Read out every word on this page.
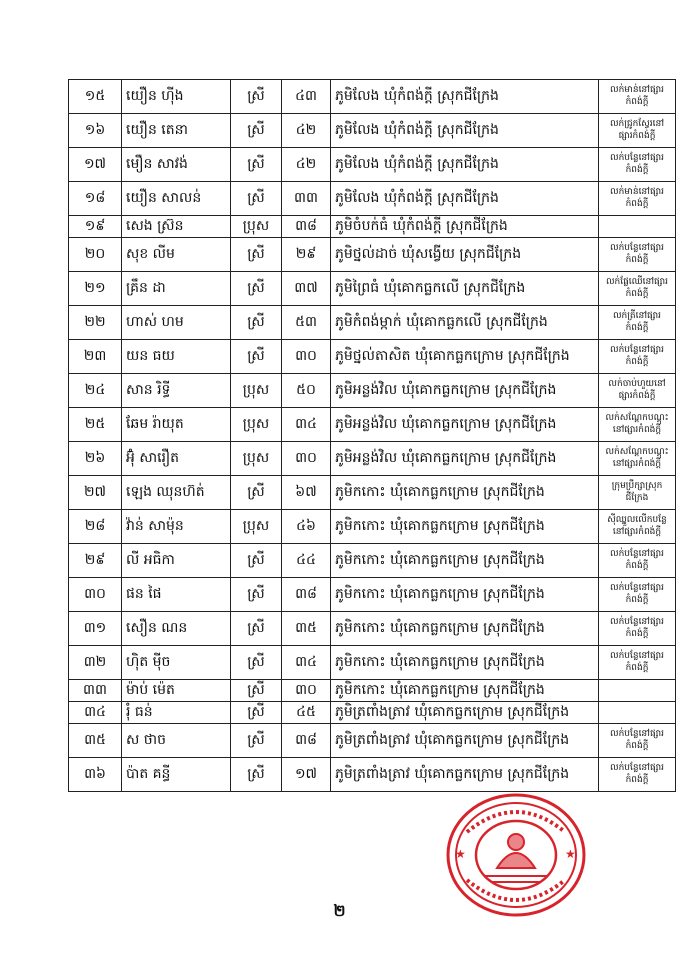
១៥	យឿន ហ៊ីង	ស្រី	៤៣	ភូមិលែង ឃុំកំពង់ក្តី ស្រុកជីក្រែង	លក់មាន់នៅផ្សារកំពង់ក្តី
១៦	យឿន តេនា	ស្រី	៤២	ភូមិលែង ឃុំកំពង់ក្តី ស្រុកជីក្រែង	លក់ជ្រូកស្វែរនៅផ្សារកំពង់ក្តី
១៧	មឿន សាវង់	ស្រី	៤២	ភូមិលែង ឃុំកំពង់ក្តី ស្រុកជីក្រែង	លក់បន្លែនៅផ្សារកំពង់ក្តី
១៨	យឿន សាលន់	ស្រី	៣៣	ភូមិលែង ឃុំកំពង់ក្តី ស្រុកជីក្រែង	លក់មាន់នៅផ្សារកំពង់ក្តី
១៩	សេង ស្រ៊ន	ប្រុស	៣៨	ភូមិចំបក់ធំ ឃុំកំពង់ក្តី ស្រុកជីក្រែង	
២០	សុខ លីម	ស្រី	២៩	ភូមិថ្នល់ដាច់ ឃុំសង្វើយ ស្រុកជីក្រែង	លក់បន្លែនៅផ្សារកំពង់ក្តី
២១	គ្រឹន ដា	ស្រី	៣៧	ភូមិព្រៃធំ ឃុំគោកធ្លកលើ ស្រុកជីក្រែង	លក់ផ្លែឈើនៅផ្សារកំពង់ក្តី
២២	ហាស់ ហម	ស្រី	៥៣	ភូមិកំពង់ម្កាក់ ឃុំគោកធ្លកលើ ស្រុកជីក្រែង	លក់ត្រីនៅផ្សារកំពង់ក្តី
២៣	យន ធយ	ស្រី	៣០	ភូមិថ្នល់តាសិត ឃុំគោកធ្លកក្រោម ស្រុកជីក្រែង	លក់បន្លែនៅផ្សារកំពង់ក្តី
២៤	សាន រិទ្ធី	ប្រុស	៥០	ភូមិអន្លង់វិល ឃុំគោកធ្លកក្រោម ស្រុកជីក្រែង	លក់ចាប់ហួយនៅផ្សារកំពង់ក្តី
២៥	ឆែម រ៉ាយុត	ប្រុស	៣៤	ភូមិអន្លង់វិល ឃុំគោកធ្លកក្រោម ស្រុកជីក្រែង	លក់សណ្តែកបណ្តុះនៅផ្សារកំពង់ក្តី
២៦	អ៊ុំ សារឿត	ប្រុស	៣០	ភូមិអន្លង់វិល ឃុំគោកធ្លកក្រោម ស្រុកជីក្រែង	លក់សណ្តែកបណ្តុះនៅផ្សារកំពង់ក្តី
២៧	ឡេង ឈុនហ៊ត់	ស្រី	៦៧	ភូមិកកោះ ឃុំគោកធ្លកក្រោម ស្រុកជីក្រែង	ក្រុមប្រឹក្សាស្រុកជីក្រែង
២៨	វ៉ាន់ សាម៉ុន	ប្រុស	៤៦	ភូមិកកោះ ឃុំគោកធ្លកក្រោម ស្រុកជីក្រែង	ស៊ីឈ្នួលលើកបន្លែនៅផ្សារកំពង់ក្តី
២៩	លី អធិកា	ស្រី	៤៤	ភូមិកកោះ ឃុំគោកធ្លកក្រោម ស្រុកជីក្រែង	លក់បន្លែនៅផ្សារកំពង់ក្តី
៣០	ផន ផៃ	ស្រី	៣៨	ភូមិកកោះ ឃុំគោកធ្លកក្រោម ស្រុកជីក្រែង	លក់បន្លែនៅផ្សារកំពង់ក្តី
៣១	សឿន ណន	ស្រី	៣៥	ភូមិកកោះ ឃុំគោកធ្លកក្រោម ស្រុកជីក្រែង	លក់បន្លែនៅផ្សារកំពង់ក្តី
៣២	ហ៊ិត ម៉ីច	ស្រី	៣៤	ភូមិកកោះ ឃុំគោកធ្លកក្រោម ស្រុកជីក្រែង	លក់បន្លែនៅផ្សារកំពង់ក្តី
៣៣	ម៉ាប់ ម៉េត	ស្រី	៣០	ភូមិកកោះ ឃុំគោកធ្លកក្រោម ស្រុកជីក្រែង	
៣៤	រុំ ធន់	ស្រី	៤៥	ភូមិត្រពាំងត្រាវ ឃុំគោកធ្លកក្រោម ស្រុកជីក្រែង	
៣៥	ស ថាច	ស្រី	៣៨	ភូមិត្រពាំងត្រាវ ឃុំគោកធ្លកក្រោម ស្រុកជីក្រែង	លក់បន្លែនៅផ្សារកំពង់ក្តី
៣៦	ប៉ាត គន្ធី	ស្រី	១៧	ភូមិត្រពាំងត្រាវ ឃុំគោកធ្លកក្រោម ស្រុកជីក្រែង	លក់បន្លែនៅផ្សារកំពង់ក្តី
២
★	★
